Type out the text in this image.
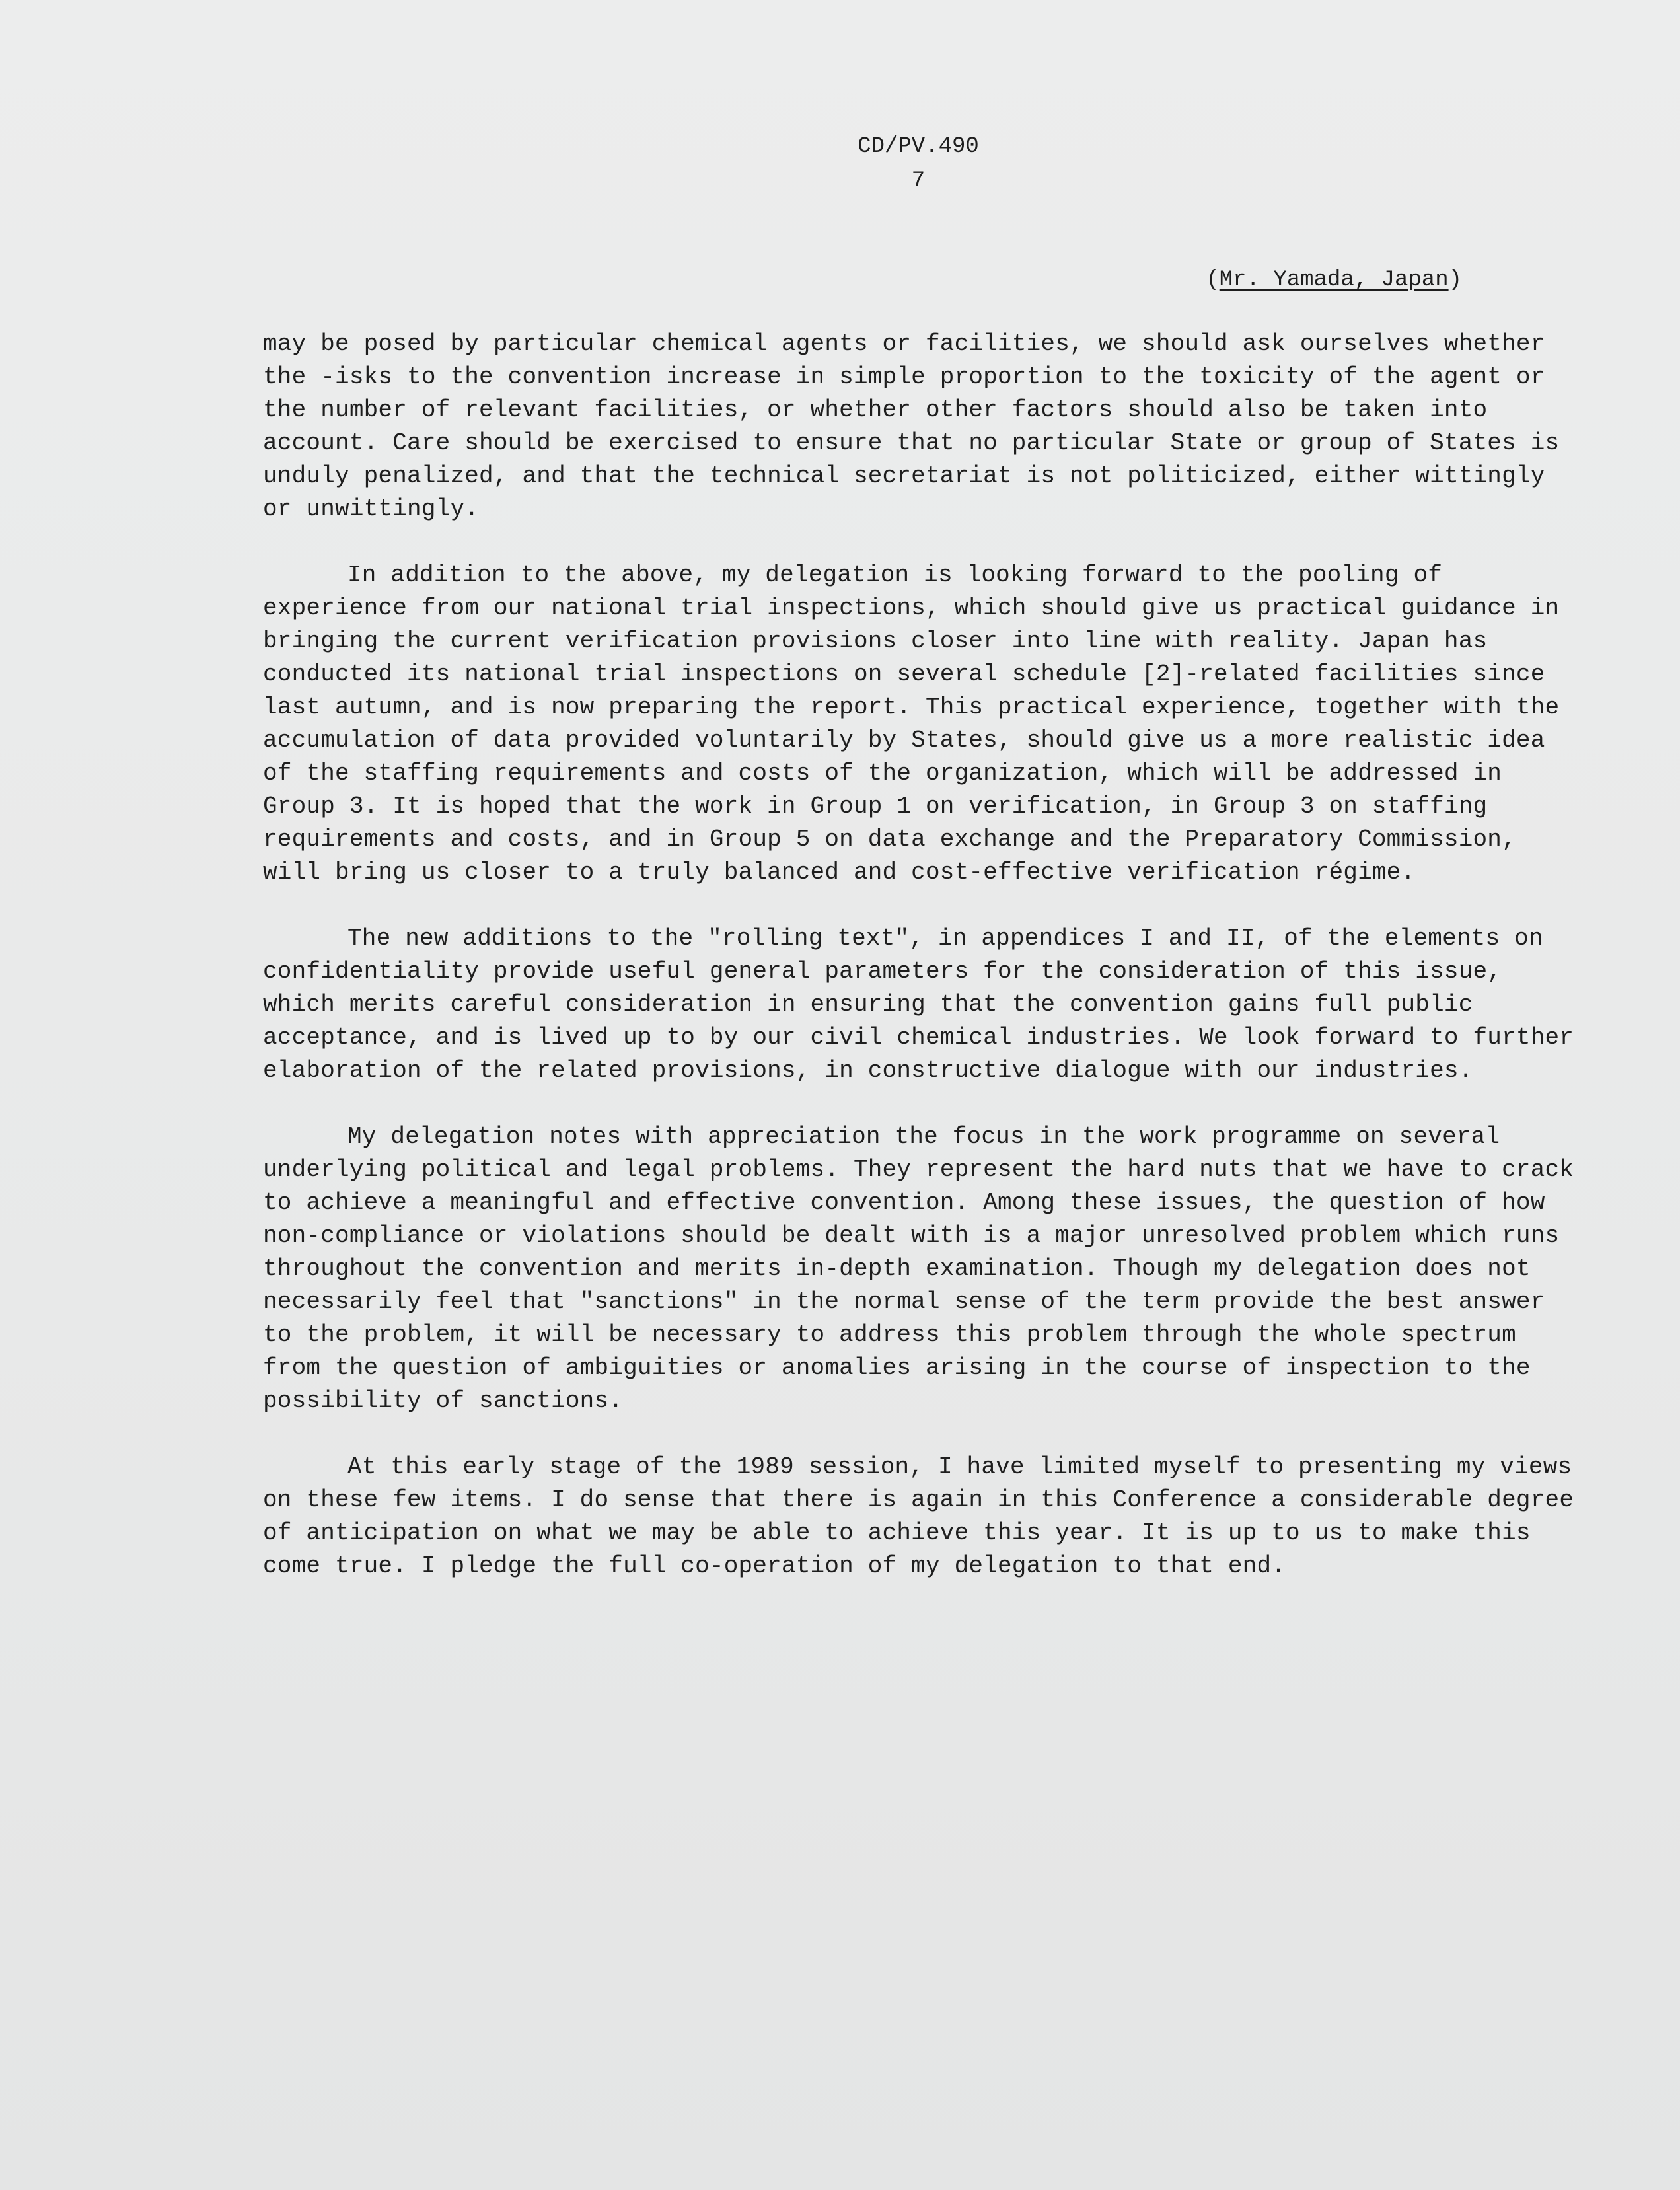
CD/PV.490
7
(Mr. Yamada, Japan)

may be posed by particular chemical agents or facilities, we should ask ourselves whether the -isks to the convention increase in simple proportion to the toxicity of the agent or the number of relevant facilities, or whether other factors should also be taken into account. Care should be exercised to ensure that no particular State or group of States is unduly penalized, and that the technical secretariat is not politicized, either wittingly or unwittingly.

In addition to the above, my delegation is looking forward to the pooling of experience from our national trial inspections, which should give us practical guidance in bringing the current verification provisions closer into line with reality. Japan has conducted its national trial inspections on several schedule [2]-related facilities since last autumn, and is now preparing the report. This practical experience, together with the accumulation of data provided voluntarily by States, should give us a more realistic idea of the staffing requirements and costs of the organization, which will be addressed in Group 3. It is hoped that the work in Group 1 on verification, in Group 3 on staffing requirements and costs, and in Group 5 on data exchange and the Preparatory Commission, will bring us closer to a truly balanced and cost-effective verification régime.

The new additions to the "rolling text", in appendices I and II, of the elements on confidentiality provide useful general parameters for the consideration of this issue, which merits careful consideration in ensuring that the convention gains full public acceptance, and is lived up to by our civil chemical industries. We look forward to further elaboration of the related provisions, in constructive dialogue with our industries.

My delegation notes with appreciation the focus in the work programme on several underlying political and legal problems. They represent the hard nuts that we have to crack to achieve a meaningful and effective convention. Among these issues, the question of how non-compliance or violations should be dealt with is a major unresolved problem which runs throughout the convention and merits in-depth examination. Though my delegation does not necessarily feel that "sanctions" in the normal sense of the term provide the best answer to the problem, it will be necessary to address this problem through the whole spectrum from the question of ambiguities or anomalies arising in the course of inspection to the possibility of sanctions.

At this early stage of the 1989 session, I have limited myself to presenting my views on these few items. I do sense that there is again in this Conference a considerable degree of anticipation on what we may be able to achieve this year. It is up to us to make this come true. I pledge the full co-operation of my delegation to that end.
